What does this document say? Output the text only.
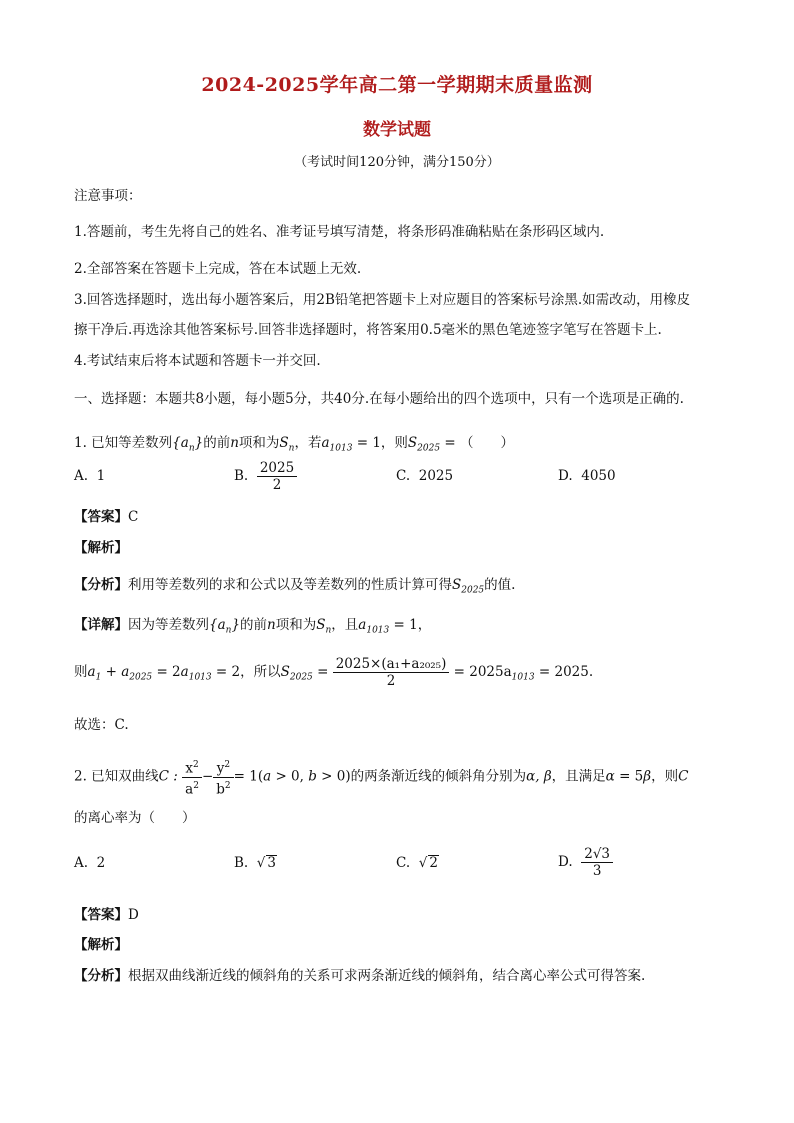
2024-2025学年高二第一学期期末质量监测
数学试题
（考试时间120分钟，满分150分）
注意事项：
1.答题前，考生先将自己的姓名、准考证号填写清楚，将条形码准确粘贴在条形码区域内.
2.全部答案在答题卡上完成，答在本试题上无效.
3.回答选择题时，选出每小题答案后，用2B铅笔把答题卡上对应题目的答案标号涂黑.如需改动，用橡皮
擦干净后.再选涂其他答案标号.回答非选择题时，将答案用0.5毫米的黑色笔迹签字笔写在答题卡上.
4.考试结束后将本试题和答题卡一并交回.
一、选择题：本题共8小题，每小题5分，共40分.在每小题给出的四个选项中，只有一个选项是正确的.
1. 已知等差数列$\{a_n\}$的前n项和为$S_n$，若$a_{1013} = 1$，则$S_{2025}$ = （　　）
A. 1	B. $\frac{2025}{2}$	C. 2025	D. 4050
【答案】C
【解析】
【分析】利用等差数列的求和公式以及等差数列的性质计算可得$S_{2025}$的值.
【详解】因为等差数列$\{a_n\}$的前n项和为$S_n$，且$a_{1013} = 1$，
则$a_1 + a_{2025} = 2a_{1013} = 2$，所以$S_{2025} = \frac{\text{2025×(a₁+a₂₀₂₅)}}{2} = 2025a_{1013} = 2025$.
故选：C.
2. 已知双曲线C : $\frac{x^2}{a^2} - \frac{y^2}{b^2} = 1(a > 0$, b > 0)的两条渐近线的倾斜角分别为α, β，且满足α = 5β，则C
的离心率为（　　）
A. 2	B.  √ 3	C.  √ 2	D. $\frac{2√3}{3}$
【答案】D
【解析】
【分析】根据双曲线渐近线的倾斜角的关系可求两条渐近线的倾斜角，结合离心率公式可得答案.
